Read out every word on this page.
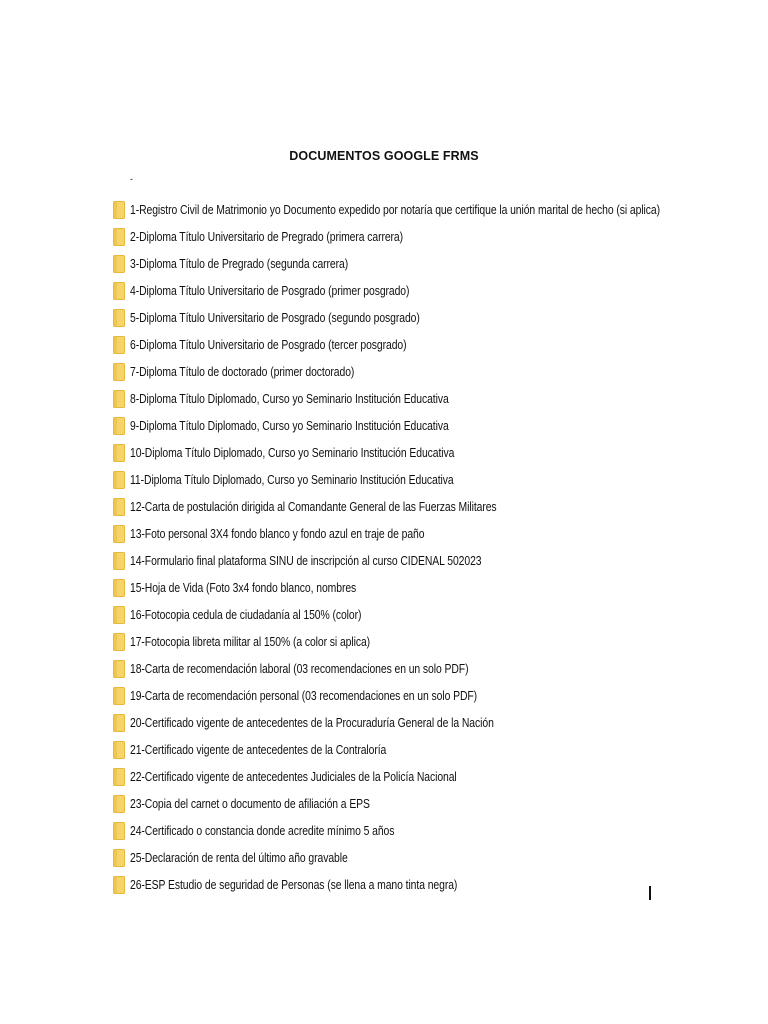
DOCUMENTOS GOOGLE FRMS
-
1-Registro Civil de Matrimonio yo Documento expedido por notaría que certifique la unión marital de hecho (si aplica)
2-Diploma Título Universitario de Pregrado (primera carrera)
3-Diploma Título de Pregrado (segunda carrera)
4-Diploma Título Universitario de Posgrado (primer posgrado)
5-Diploma Título Universitario de Posgrado (segundo posgrado)
6-Diploma Título Universitario de Posgrado (tercer posgrado)
7-Diploma Título de doctorado (primer doctorado)
8-Diploma Título Diplomado, Curso yo Seminario Institución Educativa
9-Diploma Título Diplomado, Curso yo Seminario Institución Educativa
10-Diploma Título Diplomado, Curso yo Seminario Institución Educativa
11-Diploma Título Diplomado, Curso yo Seminario Institución Educativa
12-Carta de postulación dirigida al Comandante General de las Fuerzas Militares
13-Foto personal 3X4 fondo blanco y fondo azul en traje de paño
14-Formulario final plataforma SINU de inscripción al curso CIDENAL 502023
15-Hoja de Vida (Foto 3x4 fondo blanco, nombres
16-Fotocopia cedula de ciudadanía al 150% (color)
17-Fotocopia libreta militar al 150% (a color si aplica)
18-Carta de recomendación laboral (03 recomendaciones en un solo PDF)
19-Carta de recomendación personal (03 recomendaciones en un solo PDF)
20-Certificado vigente de antecedentes de la Procuraduría General de la Nación
21-Certificado vigente de antecedentes de la Contraloría
22-Certificado vigente de antecedentes Judiciales de la Policía Nacional
23-Copia del carnet o documento de afiliación a EPS
24-Certificado o constancia donde acredite mínimo 5 años
25-Declaración de renta del último año gravable
26-ESP Estudio de seguridad de Personas (se llena a mano tinta negra)
